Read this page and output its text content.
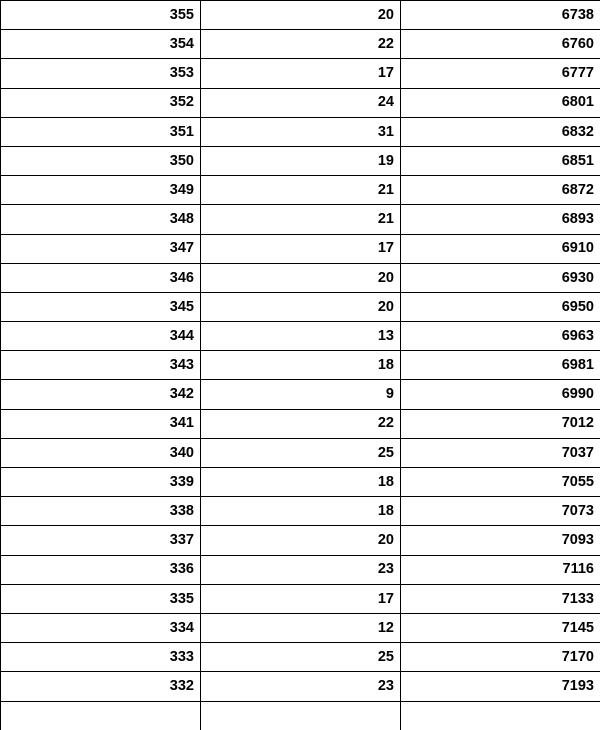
355	20	6738
354	22	6760
353	17	6777
352	24	6801
351	31	6832
350	19	6851
349	21	6872
348	21	6893
347	17	6910
346	20	6930
345	20	6950
344	13	6963
343	18	6981
342	9	6990
341	22	7012
340	25	7037
339	18	7055
338	18	7073
337	20	7093
336	23	7116
335	17	7133
334	12	7145
333	25	7170
332	23	7193
